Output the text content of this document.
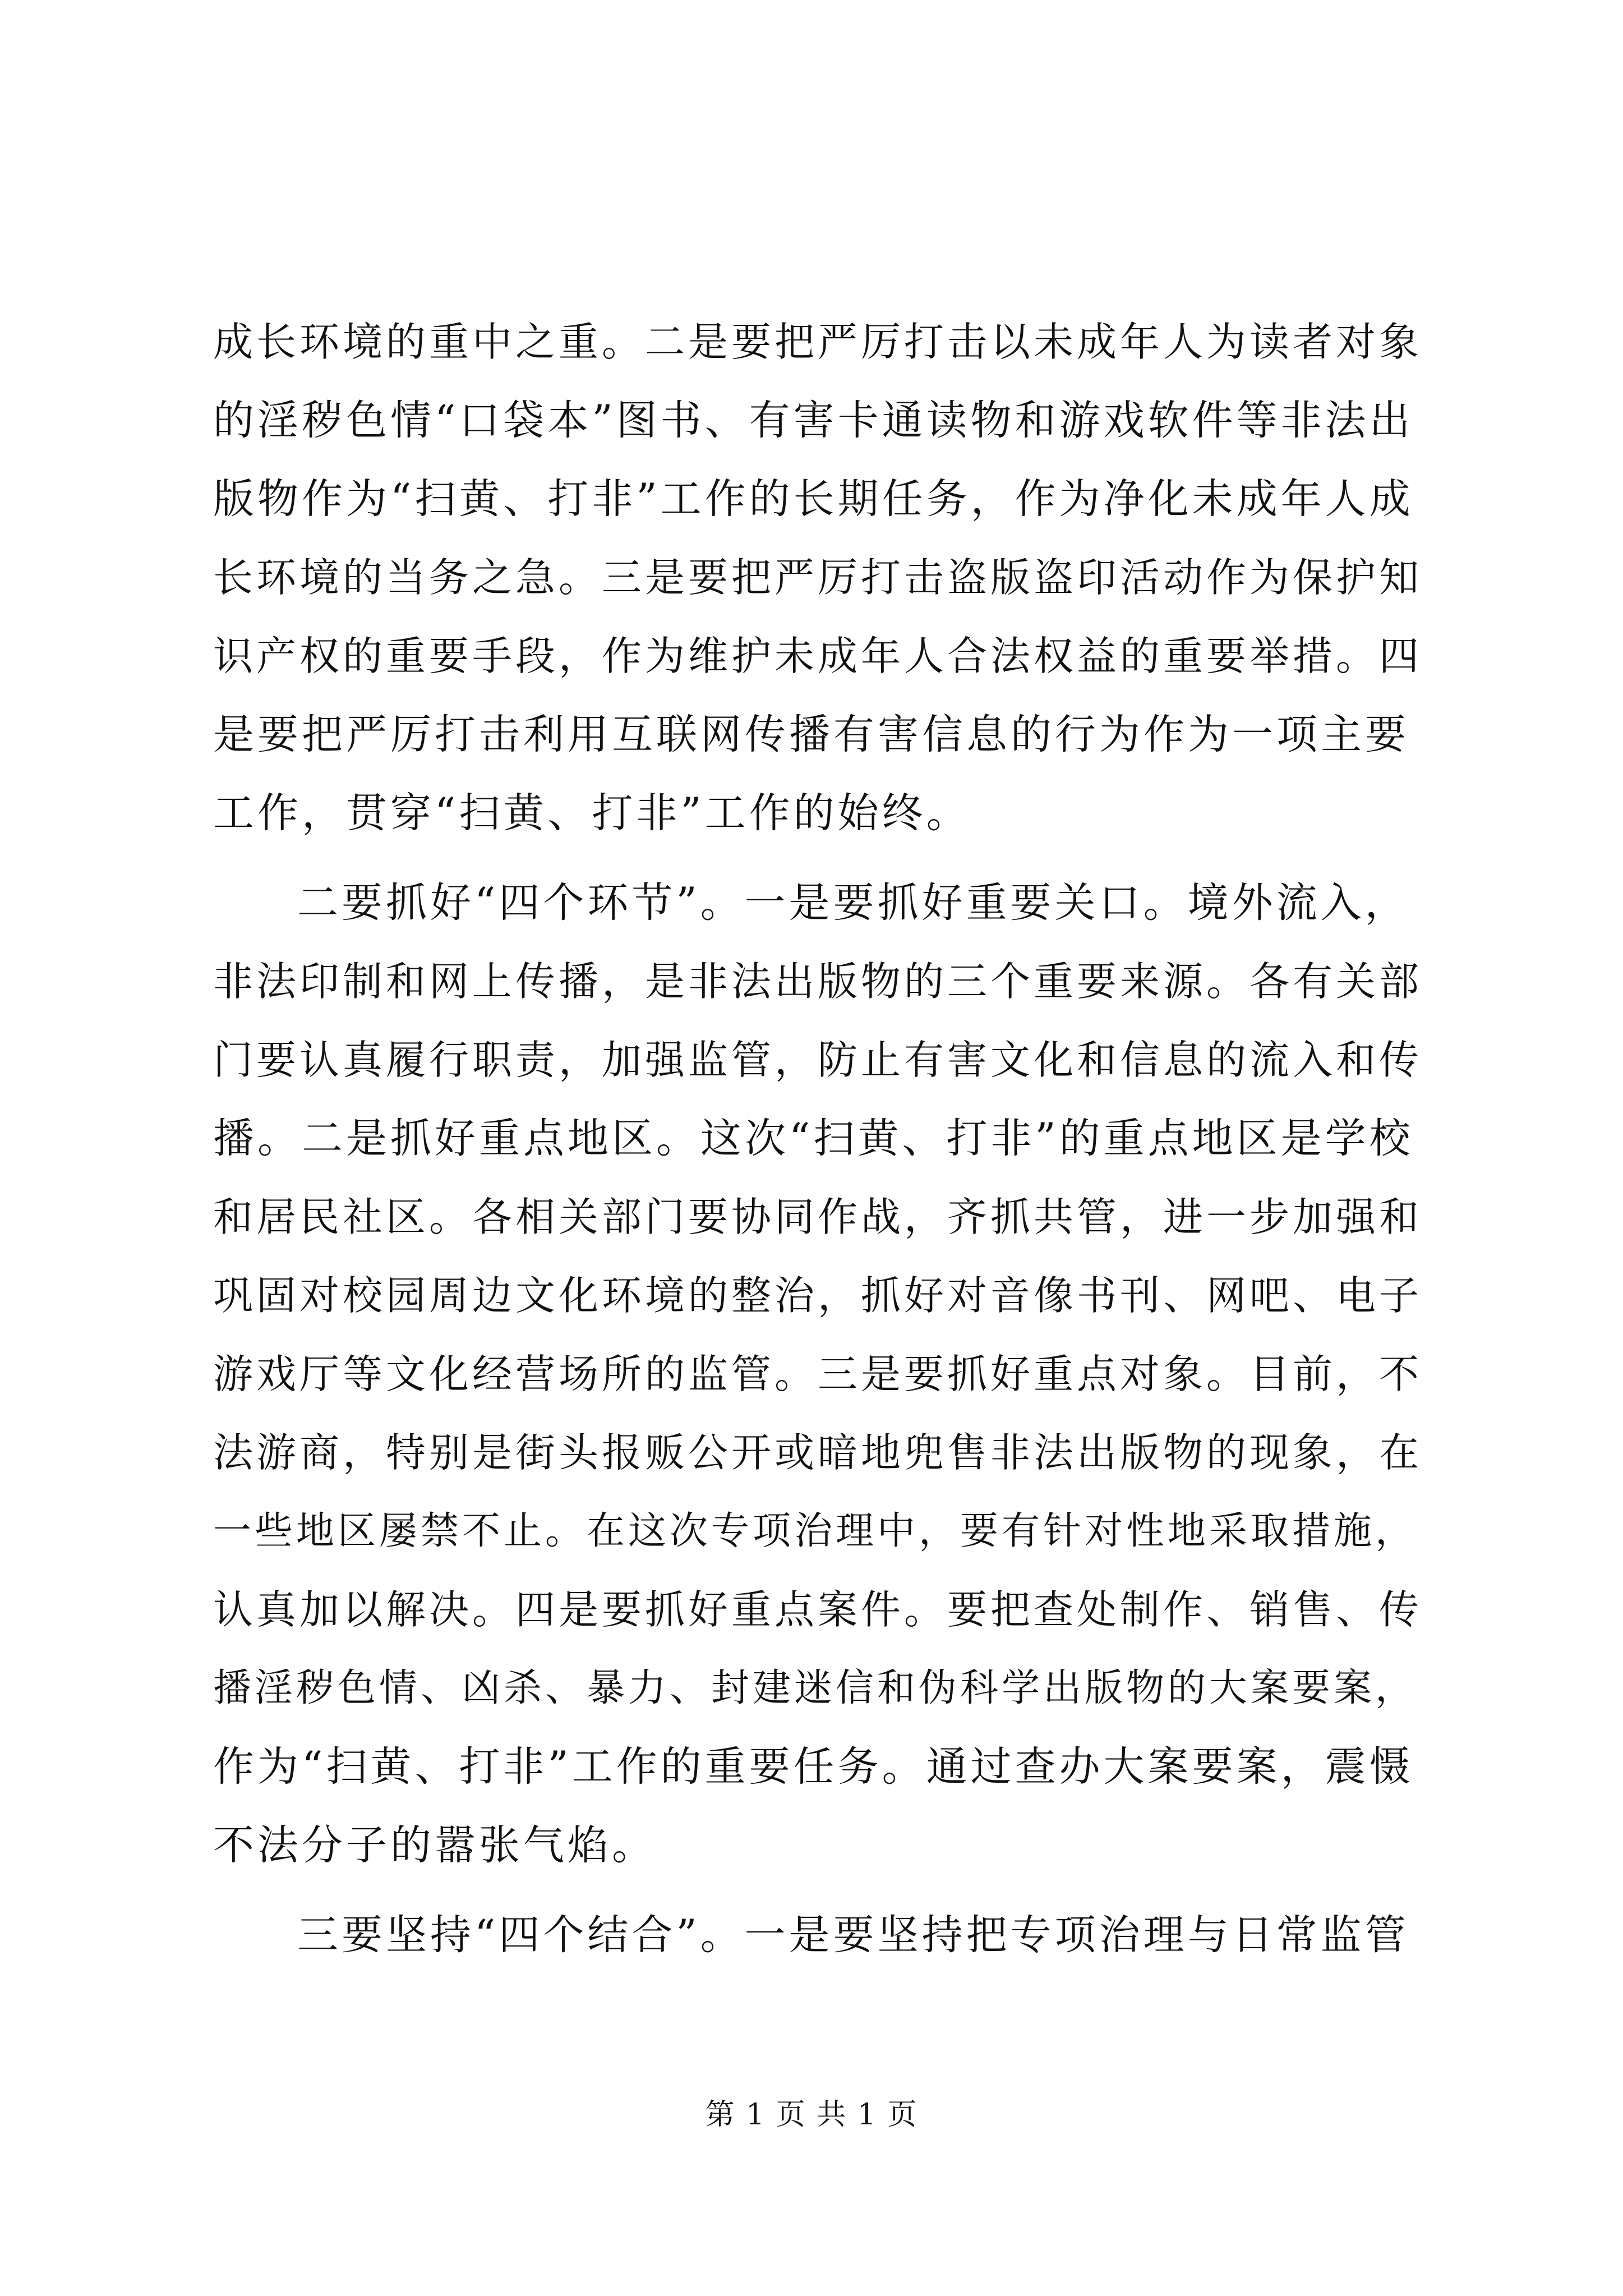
成长环境的重中之重。二是要把严厉打击以未成年人为读者对象
的淫秽色情“口袋本”图书、有害卡通读物和游戏软件等非法出
版物作为“扫黄、打非”工作的长期任务，作为净化未成年人成
长环境的当务之急。三是要把严厉打击盗版盗印活动作为保护知
识产权的重要手段，作为维护未成年人合法权益的重要举措。四
是要把严厉打击利用互联网传播有害信息的行为作为一项主要
工作，贯穿“扫黄、打非”工作的始终。
二要抓好“四个环节”。一是要抓好重要关口。境外流入，
非法印制和网上传播，是非法出版物的三个重要来源。各有关部
门要认真履行职责，加强监管，防止有害文化和信息的流入和传
播。二是抓好重点地区。这次“扫黄、打非”的重点地区是学校
和居民社区。各相关部门要协同作战，齐抓共管，进一步加强和
巩固对校园周边文化环境的整治，抓好对音像书刊、网吧、电子
游戏厅等文化经营场所的监管。三是要抓好重点对象。目前，不
法游商，特别是街头报贩公开或暗地兜售非法出版物的现象，在
一些地区屡禁不止。在这次专项治理中，要有针对性地采取措施，
认真加以解决。四是要抓好重点案件。要把查处制作、销售、传
播淫秽色情、凶杀、暴力、封建迷信和伪科学出版物的大案要案，
作为“扫黄、打非”工作的重要任务。通过查办大案要案，震慑
不法分子的嚣张气焰。
三要坚持“四个结合”。一是要坚持把专项治理与日常监管
第 1 页 共 1 页
